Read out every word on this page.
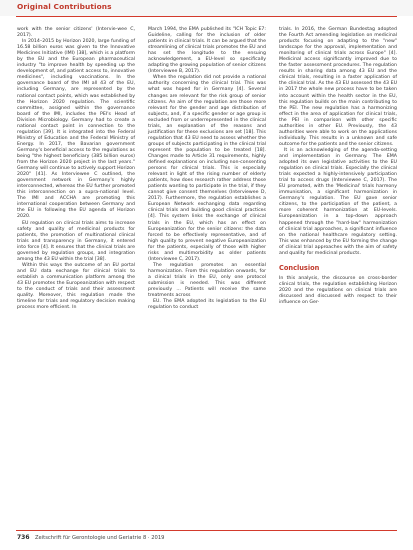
Original Contributions

work with the senior citizens' (Intervie-wee C, 2017).

In 2014–2015 by Horizon 2020, large funding of 16.58 billion euros was given to the Innovative Medicines Initiative (IMI) [38], which is a platform by the EU and the European pharmaceutical industry "to improve health by speeding up the development of, and patient access to, innovative medicines", including vaccinations. In the governance board of the IMI all 43 of the EU, including Germany, are represented by the national contact points, which was established by the Horizon 2020 regulation. The scientific committee, assigned within the governance board of the IMI, includes the PEI's Head of Division Microbiology. Germany had to create a national contact point in connection to the regulation [39]. It is integrated into the Federal Ministry of Education and the Federal Ministry of Energy. In 2017, the Bavarian government Germany's beneficial access to the regulations as being "the highest beneficiary (385 billion euros) from the Horizon 2020 project in the last years." Germany will continue to actively support Horizon 2020" [41]. As Interviewee C outlined, the government network in Germany's highly interconnected, whereas the EU further promoted this interconnection on a supra-national level. The IMI and ACCHA are promoting this international cooperation between Germany and the EU in following the EU agenda of Horizon 2020.

EU regulation on clinical trials aims to increase safety and quality of medicinal products for patients, the promotion of multinational clinical trials and transparency in Germany, it entered into force [4]. It ensures that the clinical trials are governed by regulation groups, and integration among the 43 EU within the trial [38].

Within this ways the outcome of an EU portal and EU data exchange for clinical trials to establish a communication platform among the 43 EU promotes the Europeanization with respect to the conduct of trials and their assessment quality. Moreover, this regulation made the timeline for trials and regulatory decision making process more efficient. In

March 1994, the EMA published its "ICH Topic E7: Guideline, calling for the inclusion of older patients in clinical trials. It can be argued that the streamlining of clinical trials promotes the EU and has set the longitude to the ensuing acknowledgement, a EU-level so specifically adapting the growing population of senior citizens (Interviewee B, 2017).

When the regulation did not provide a national authority concerning the clinical trial. This was what was hoped for in Germany [4]. Several changes are relevant for the risk group of senior citizens. An aim of the regulation are those more relevant for the gender and age distribution of subjects, and, if a specific gender or age group is excluded from or underrepresented in the clinical trials, an explanation of the reasons and justification for these exclusions are set [18]. This regulation that 43 EU need to assess whether the groups of subjects participating in the clinical trial represent the population to be treated [18]. Changes made to Article 31 requirements, highly defined explanations on including non-consenting persons for clinical trials. This is especially relevant in light of the rising number of elderly patients, how does research rather address those patients wanting to participate in the trial, if they cannot give consent themselves (Interviewee D, 2017). Furthermore, the regulation establishes a European Network exchanging data regarding clinical trials and building good clinical practices [4]. This system links the exchange of clinical trials in the EU, which has an effect on Europeanization for the senior citizens: the data forced to be effectively representative, and of high quality to prevent negative Europeanization for the patients, especially of those with higher risks and multimorbidity as older patients (Interviewee C, 2017).

The regulation promotes an essential harmonization. From this regulation onwards, for a clinical trials in the EU, only one protocol submission is needed. This was different previously ... Patients will receive the same treatments across

EU. The EMA adopted its legislation to the EU regulation to conduct

trials. In 2016, the German Bundestag adopted the Fourth Act amending legislation on medicinal products focusing on adapting to the "new" landscape for the approval, implementation and monitoring of clinical trials across Europe" [4]. Medicinal access significantly improved due to the faster assessment procedures. The regulation results in sharing data among 43 EU and the clinical trials, resulting in a faster application of the clinical trial. As the 43 EU assessed the 43 EU in 2017 the whole new process have to be taken into account within the health sector in the EU, this regulation builds on the main contributing to the PEI. The new regulation has a harmonizing effect in the area of application for clinical trials, the PEI in comparison with other specific authorities in other EU. Previously, the 43 authorities were able to work on the applications individually. This results in a unknown and safe outcome for the patients and the senior citizens.

It is an acknowledging of the agenda-setting and implementation in Germany. The EMA adopted its own legislative activities to the EU regulation on clinical trials. Especially the clinical trials expected a highly-intensively participation trial to access drugs (Interviewee C, 2017). The EU promoted, with the 'Medicinal' trials harmony immunisation, a significant harmonization in Germany's regulation. The EU gave senior citizens, to the participation of the patient, a more coherent harmonization at EU-levels. Europeanization in a top-down approach happened through the "hard-law" harmonization of clinical trial approaches, a significant influence on the national healthcare regulatory setting. This was enhanced by the EU forming the change of clinical trial approaches with the aim of safety and quality for medicinal products.

Conclusion

In this analysis, the discourse on cross-border clinical trials, the regulation establishing Horizon 2020 and the regulations on clinical trials are discussed and discussed with respect to their influence on Ger-

736 Zeitschrift für Gerontologie und Geriatrie 8 · 2019
